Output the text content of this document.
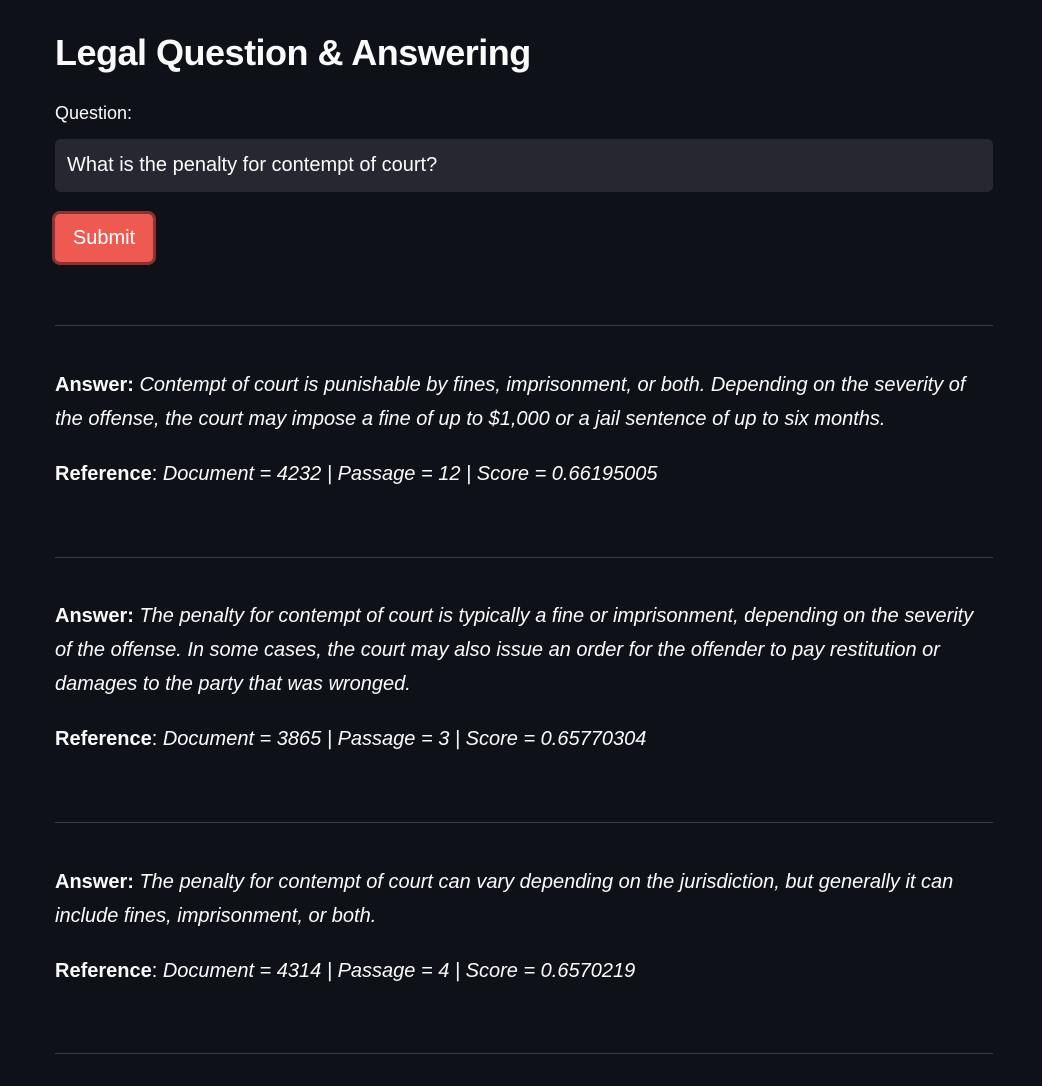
Legal Question & Answering
Question:
What is the penalty for contempt of court?
Submit

Answer: Contempt of court is punishable by fines, imprisonment, or both. Depending on the severity of the offense, the court may impose a fine of up to $1,000 or a jail sentence of up to six months.

Reference: Document = 4232 | Passage = 12 | Score = 0.66195005

Answer: The penalty for contempt of court is typically a fine or imprisonment, depending on the severity of the offense. In some cases, the court may also issue an order for the offender to pay restitution or damages to the party that was wronged.

Reference: Document = 3865 | Passage = 3 | Score = 0.65770304

Answer: The penalty for contempt of court can vary depending on the jurisdiction, but generally it can include fines, imprisonment, or both.

Reference: Document = 4314 | Passage = 4 | Score = 0.6570219
